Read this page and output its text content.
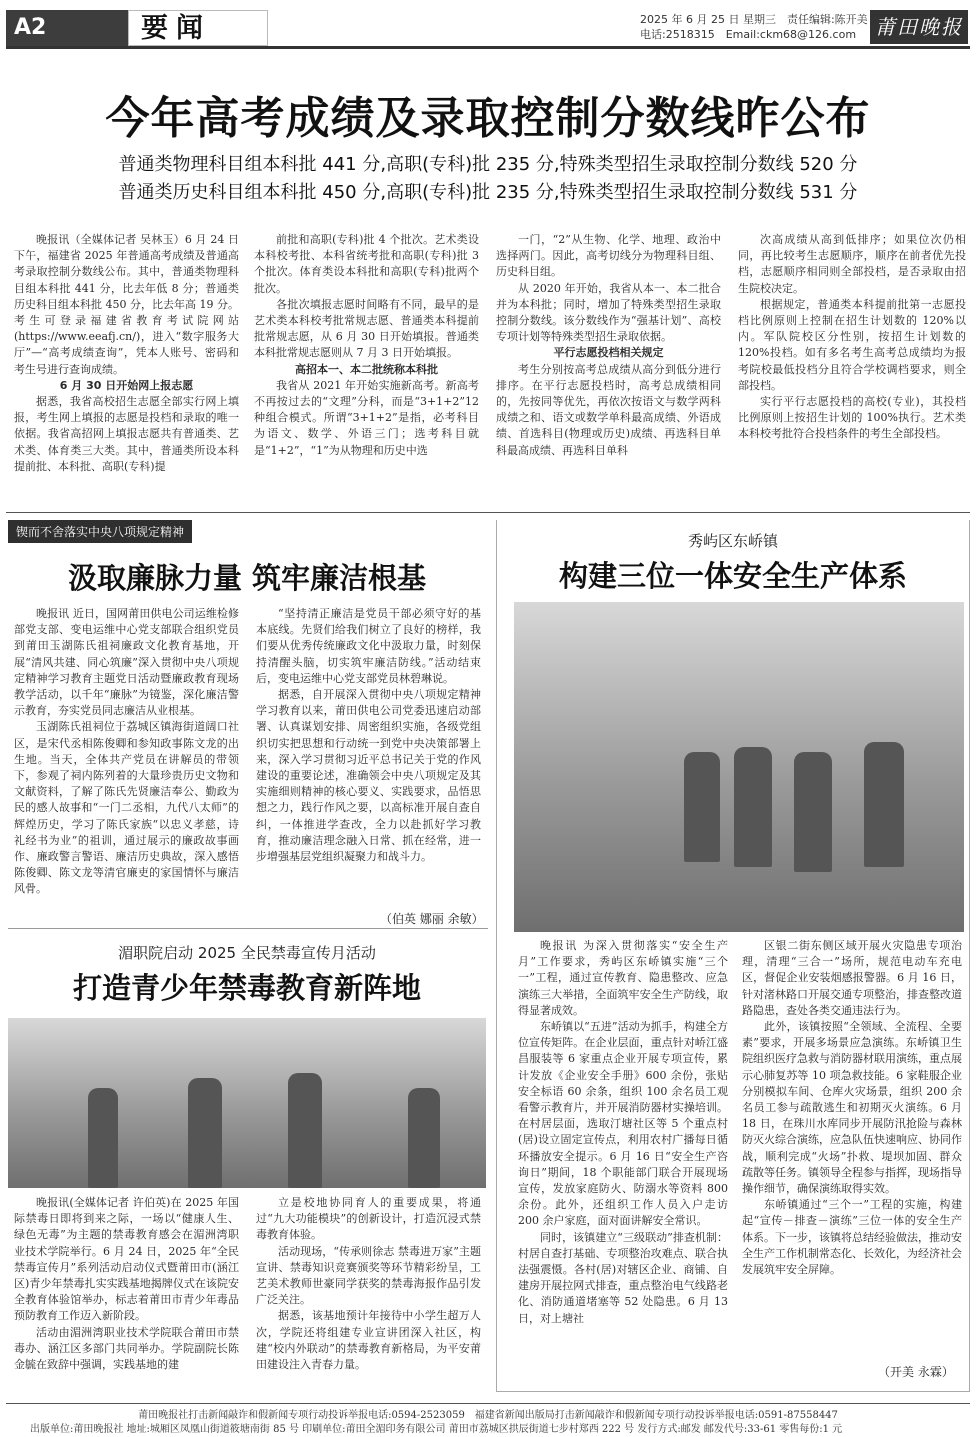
A2	要闻	2025 年 6 月 25 日 星期三　责任编辑:陈开美
电话:2518315　Email:ckm68@126.com 莆田晚报
今年高考成绩及录取控制分数线昨公布
普通类物理科目组本科批 441 分,高职(专科)批 235 分,特殊类型招生录取控制分数线 520 分
普通类历史科目组本科批 450 分,高职(专科)批 235 分,特殊类型招生录取控制分数线 531 分

晚报讯（全媒体记者 吴林玉）6 月 24 日下午，福建省 2025 年普通高考成绩及普通高考录取控制分数线公布。其中，普通类物理科目组本科批 441 分，比去年低 8 分；普通类历史科目组本科批 450 分，比去年高 19 分。考生可登录福建省教育考试院网站(https://www.eeafj.cn/)，进入“数字服务大厅”—“高考成绩查询”，凭本人账号、密码和考生号进行查询成绩。

6 月 30 日开始网上报志愿

据悉，我省高校招生志愿全部实行网上填报，考生网上填报的志愿是投档和录取的唯一依据。我省高招网上填报志愿共有普通类、艺术类、体育类三大类。其中，普通类所设本科提前批、本科批、高职(专科)提

前批和高职(专科)批 4 个批次。艺术类设本科校考批、本科省统考批和高职(专科)批 3 个批次。体育类设本科批和高职(专科)批两个批次。

各批次填报志愿时间略有不同，最早的是艺术类本科校考批常规志愿、普通类本科提前批常规志愿，从 6 月 30 日开始填报。普通类本科批常规志愿则从 7 月 3 日开始填报。

高招本一、本二批统称本科批

我省从 2021 年开始实施新高考。新高考不再按过去的“文理”分科，而是“3+1+2”12 种组合模式。所谓“3+1+2”是指，必考科目为语文、数学、外语三门；选考科目就是“1+2”，“1”为从物理和历史中选

一门，“2”从生物、化学、地理、政治中选择两门。因此，高考切线分为物理科目组、历史科目组。

从 2020 年开始，我省从本一、本二批合并为本科批；同时，增加了特殊类型招生录取控制分数线。该分数线作为“强基计划”、高校专项计划等特殊类型招生录取依据。

平行志愿投档相关规定

考生分别按高考总成绩从高分到低分进行排序。在平行志愿投档时，高考总成绩相同的，先按同等优先，再依次按语文与数学两科成绩之和、语文或数学单科最高成绩、外语成绩、首选科目(物理或历史)成绩、再选科目单科最高成绩、再选科目单科

次高成绩从高到低排序；如果位次仍相同，再比较考生志愿顺序，顺序在前者优先投档，志愿顺序相同则全部投档，是否录取由招生院校决定。

根据规定，普通类本科提前批第一志愿投档比例原则上控制在招生计划数的 120%以内。军队院校区分性别，按招生计划数的 120%投档。如有多名考生高考总成绩均为报考院校最低投档分且符合学校调档要求，则全部投档。

实行平行志愿投档的高校(专业)，其投档比例原则上按招生计划的 100%执行。艺术类本科校考批符合投档条件的考生全部投档。

锲而不舍落实中央八项规定精神
汲取廉脉力量 筑牢廉洁根基

晚报讯 近日，国网莆田供电公司运维检修部党支部、变电运维中心党支部联合组织党员到莆田玉湖陈氏祖祠廉政文化教育基地，开展“清风共建、同心筑廉”深入贯彻中央八项规定精神学习教育主题党日活动暨廉政教育现场教学活动，以千年“廉脉”为镜鉴，深化廉洁警示教育，夯实党员同志廉洁从业根基。

玉湖陈氏祖祠位于荔城区镇海街道阔口社区，是宋代丞相陈俊卿和参知政事陈文龙的出生地。当天，全体共产党员在讲解员的带领下，参观了祠内陈列着的大量珍贵历史文物和文献资料，了解了陈氏先贤廉洁奉公、勤政为民的感人故事和“一门二丞相，九代八太师”的辉煌历史，学习了陈氏家族“以忠义孝慈，诗礼经书为业”的祖训，通过展示的廉政故事画作、廉政警言警语、廉洁历史典故，深入感悟陈俊卿、陈文龙等清官廉吏的家国情怀与廉洁风骨。

“坚持清正廉洁是党员干部必须守好的基本底线。先贤们给我们树立了良好的榜样，我们要从优秀传统廉政文化中汲取力量，时刻保持清醒头脑，切实筑牢廉洁防线。”活动结束后，变电运维中心党支部党员林碧琳说。

据悉，自开展深入贯彻中央八项规定精神学习教育以来，莆田供电公司党委迅速启动部署、认真谋划安排、周密组织实施，各级党组织切实把思想和行动统一到党中央决策部署上来，深入学习贯彻习近平总书记关于党的作风建设的重要论述，准确领会中央八项规定及其实施细则精神的核心要义、实践要求，品悟思想之力，践行作风之要，以高标准开展自查自纠，一体推进学查改，全力以赴抓好学习教育，推动廉洁理念融入日常、抓在经常，进一步增强基层党组织凝聚力和战斗力。

（伯英 娜丽 余敏）
湄职院启动 2025 全民禁毒宣传月活动
打造青少年禁毒教育新阵地

晚报讯(全媒体记者 许伯英)在 2025 年国际禁毒日即将到来之际，一场以“健康人生、绿色无毒”为主题的禁毒教育感会在湄洲湾职业技术学院举行。6 月 24 日，2025 年“全民禁毒宣传月”系列活动启动仪式暨莆田市(涵江区)青少年禁毒扎实实践基地揭牌仪式在该院安全教育体验馆举办，标志着莆田市青少年毒品预防教育工作迈入新阶段。

活动由湄洲湾职业技术学院联合莆田市禁毒办、涵江区多部门共同举办。学院副院长陈金毓在致辞中强调，实践基地的建

立是校地协同育人的重要成果，将通过“九大功能模块”的创新设计，打造沉浸式禁毒教育体验。

活动现场，“传承则徐志 禁毒进万家”主题宣讲、禁毒知识竞赛颁奖等环节精彩纷呈，工艺美术教师世豪同学获奖的禁毒海报作品引发广泛关注。

据悉，该基地预计年接待中小学生超万人次，学院还将组建专业宣讲团深入社区，构建“校内外联动”的禁毒教育新格局，为平安莆田建设注入青春力量。

秀屿区东峤镇
构建三位一体安全生产体系

晚报讯 为深入贯彻落实“安全生产月”工作要求，秀屿区东峤镇实施“三个一”工程，通过宣传教育、隐患整改、应急演练三大举措，全面筑牢安全生产防线，取得显著成效。

东峤镇以“五进”活动为抓手，构建全方位宣传矩阵。在企业层面，重点针对峤江盛昌服装等 6 家重点企业开展专项宣传，累计发放《企业安全手册》600 余份，张贴安全标语 60 余条，组织 100 余名员工观看警示教育片，并开展消防器材实操培训。在村居层面，选取汀塘社区等 5 个重点村(居)设立固定宣传点，利用农村广播每日循环播放安全提示。6 月 16 日“安全生产咨询日”期间，18 个职能部门联合开展现场宣传，发放家庭防火、防溺水等资料 800 余份。此外，还组织工作人员入户走访 200 余户家庭，面对面讲解安全常识。

同时，该镇建立“三级联动”排查机制：村居自查打基础、专项整治攻难点、联合执法强震慑。各村(居)对辖区企业、商铺、自建房开展拉网式排查，重点整治电气线路老化、消防通道堵塞等 52 处隐患。6 月 13 日，对上塘社

区银二街东侧区域开展火灾隐患专项治理，清理“三合一”场所，规范电动车充电区，督促企业安装烟感报警器。6 月 16 日，针对渚林路口开展交通专项整治，排查整改道路隐患，查处各类交通违法行为。

此外，该镇按照“全领域、全流程、全要素”要求，开展多场景应急演练。东峤镇卫生院组织医疗急救与消防器材联用演练，重点展示心肺复苏等 10 项急救技能。6 家鞋服企业分别模拟车间、仓库火灾场景，组织 200 余名员工参与疏散逃生和初期灭火演练。6 月 18 日，在珠川水库同步开展防汛抢险与森林防灭火综合演练，应急队伍快速响应、协同作战，顺利完成“火场”扑救、堤坝加固、群众疏散等任务。镇领导全程参与指挥，现场指导操作细节，确保演练取得实效。

东峤镇通过“三个一”工程的实施，构建起“宣传－排查－演练”三位一体的安全生产体系。下一步，该镇将总结经验做法，推动安全生产工作机制常态化、长效化，为经济社会发展筑牢安全屏障。

（开美 永霖）
莆田晚报社打击新闻敲诈和假新闻专项行动投诉举报电话:0594-2523059　福建省新闻出版局打击新闻敲诈和假新闻专项行动投诉举报电话:0591-87558447
出版单位:莆田晚报社 地址:城厢区凤凰山街道筱塘南街 85 号 印刷单位:莆田全湄印务有限公司 莆田市荔城区拱辰街道七步村郑西 222 号 发行方式:邮发 邮发代号:33-61 零售每份:1 元
